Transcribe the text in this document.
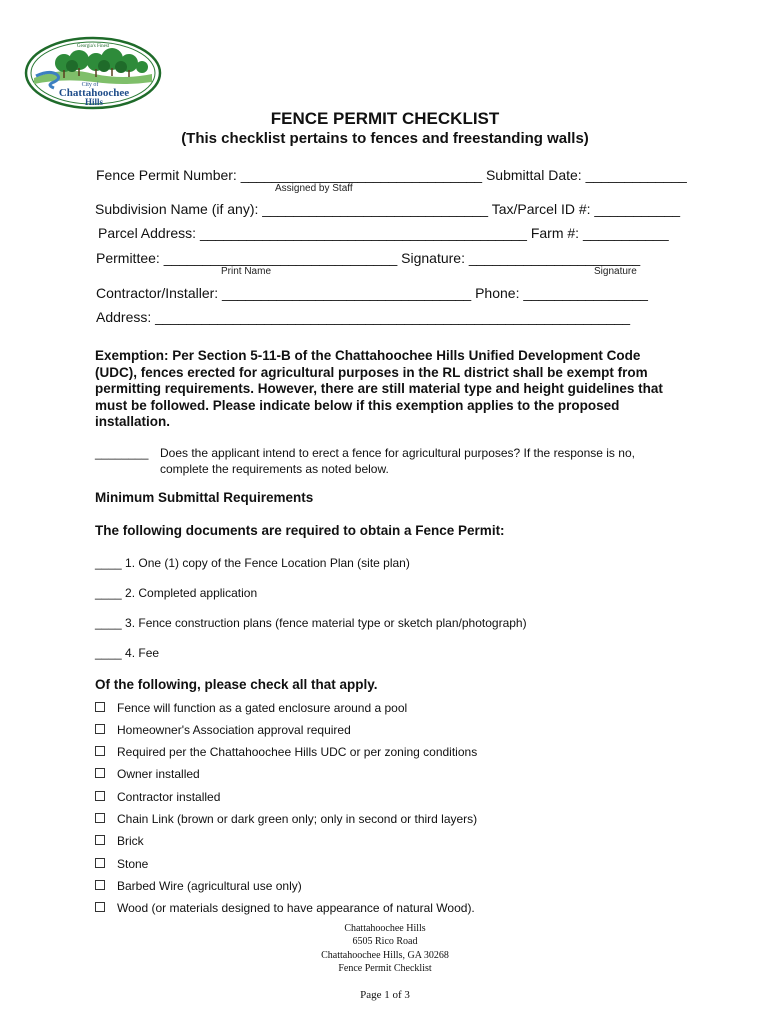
Georgia's Finest
City of
Chattahoochee
Hills
FENCE PERMIT CHECKLIST
(This checklist pertains to fences and freestanding walls)
Fence Permit Number: _______________________________ Submittal Date: _____________
Assigned by Staff
Subdivision Name (if any): _____________________________ Tax/Parcel ID #: ___________
Parcel Address: __________________________________________ Farm #: ___________
Permittee: ______________________________ Signature: ______________________
Print Name	Signature
Contractor/Installer: ________________________________ Phone: ________________
Address: _____________________________________________________________
Exemption: Per Section 5-11-B of the Chattahoochee Hills Unified Development Code (UDC), fences erected for agricultural purposes in the RL district shall be exempt from permitting requirements. However, there are still material type and height guidelines that must be followed. Please indicate below if this exemption applies to the proposed installation.
________ Does the applicant intend to erect a fence for agricultural purposes? If the response is no,
complete the requirements as noted below.
Minimum Submittal Requirements
The following documents are required to obtain a Fence Permit:
____ 1. One (1) copy of the Fence Location Plan (site plan)
____ 2. Completed application
____ 3. Fence construction plans (fence material type or sketch plan/photograph)
____ 4. Fee
Of the following, please check all that apply.
Fence will function as a gated enclosure around a pool
Homeowner's Association approval required
Required per the Chattahoochee Hills UDC or per zoning conditions
Owner installed
Contractor installed
Chain Link (brown or dark green only; only in second or third layers)
Brick
Stone
Barbed Wire (agricultural use only)
Wood (or materials designed to have appearance of natural Wood).
Chattahoochee Hills
6505 Rico Road
Chattahoochee Hills, GA 30268
Fence Permit Checklist
Page 1 of 3
